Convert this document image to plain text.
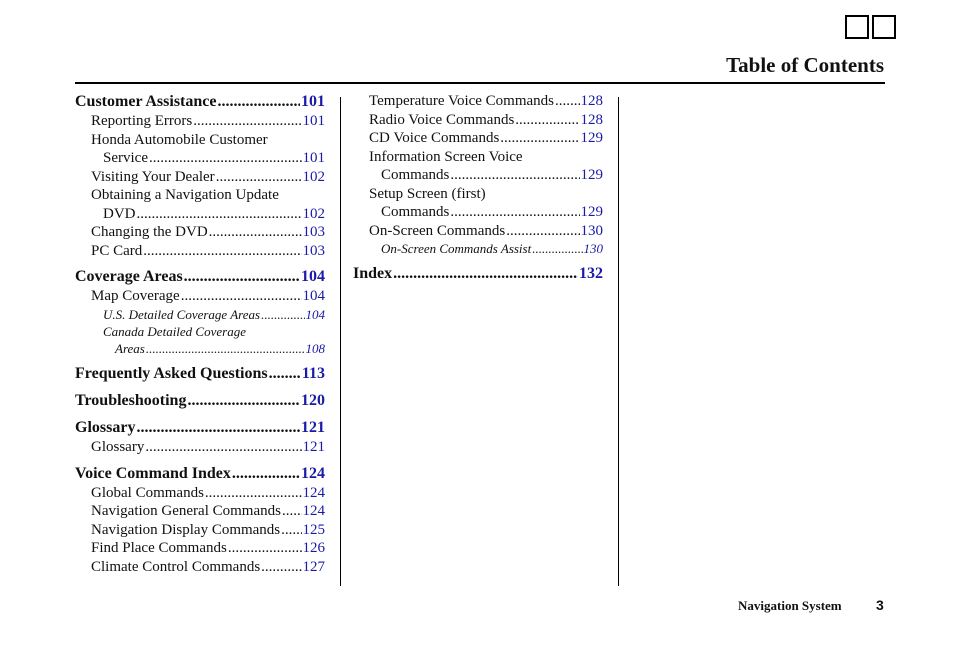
Table of Contents
Customer Assistance .....	101
Reporting Errors .....	101
Honda Automobile Customer
Service .....	101
Visiting Your Dealer .....	102
Obtaining a Navigation Update
DVD .....	102
Changing the DVD .....	103
PC Card .....	103
Coverage Areas .....	104
Map Coverage .....	104
U.S. Detailed Coverage Areas .....	104
Canada Detailed Coverage
Areas .....	108
Frequently Asked Questions ..... 113
Troubleshooting .....	120
Glossary .....	121
Glossary .....	121
Voice Command Index .....	124
Global Commands .....	124
Navigation General Commands ..... 124
Navigation Display Commands ..... 125
Find Place Commands .....	126
Climate Control Commands .....	127
Temperature Voice Commands ..... 128
Radio Voice Commands .....	128
CD Voice Commands .....	129
Information Screen Voice
Commands .....	129
Setup Screen (first)
Commands .....	129
On-Screen Commands .....	130
On-Screen Commands Assist .....	130
Index .....	132
Navigation System 3
